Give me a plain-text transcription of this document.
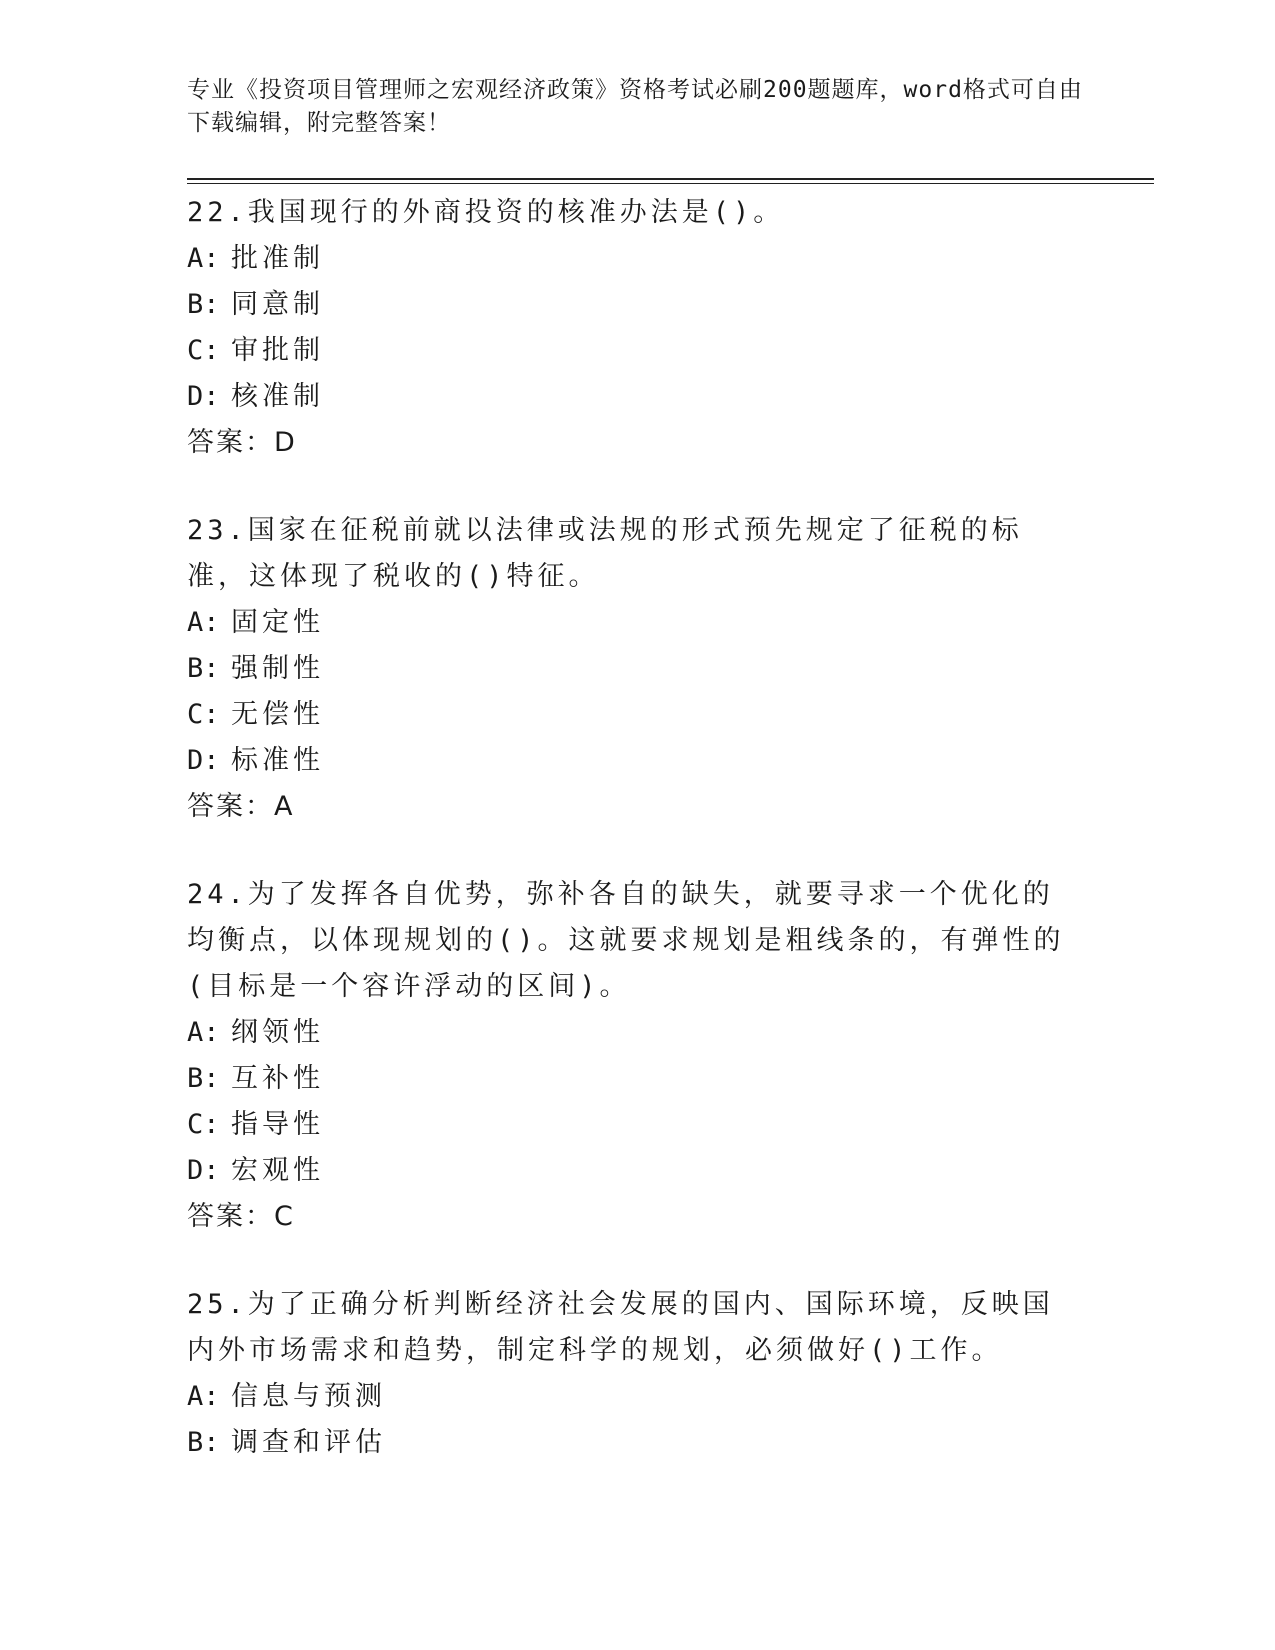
专业《投资项目管理师之宏观经济政策》资格考试必刷200题题库，word格式可自由下载编辑，附完整答案！
22.我国现行的外商投资的核准办法是()。
A: 批准制
B: 同意制
C: 审批制
D: 核准制
答案：D
23.国家在征税前就以法律或法规的形式预先规定了征税的标准，这体现了税收的()特征。
A: 固定性
B: 强制性
C: 无偿性
D: 标准性
答案：A
24.为了发挥各自优势，弥补各自的缺失，就要寻求一个优化的均衡点，以体现规划的()。这就要求规划是粗线条的，有弹性的(目标是一个容许浮动的区间)。
A: 纲领性
B: 互补性
C: 指导性
D: 宏观性
答案：C
25.为了正确分析判断经济社会发展的国内、国际环境，反映国内外市场需求和趋势，制定科学的规划，必须做好()工作。
A: 信息与预测
B: 调查和评估
